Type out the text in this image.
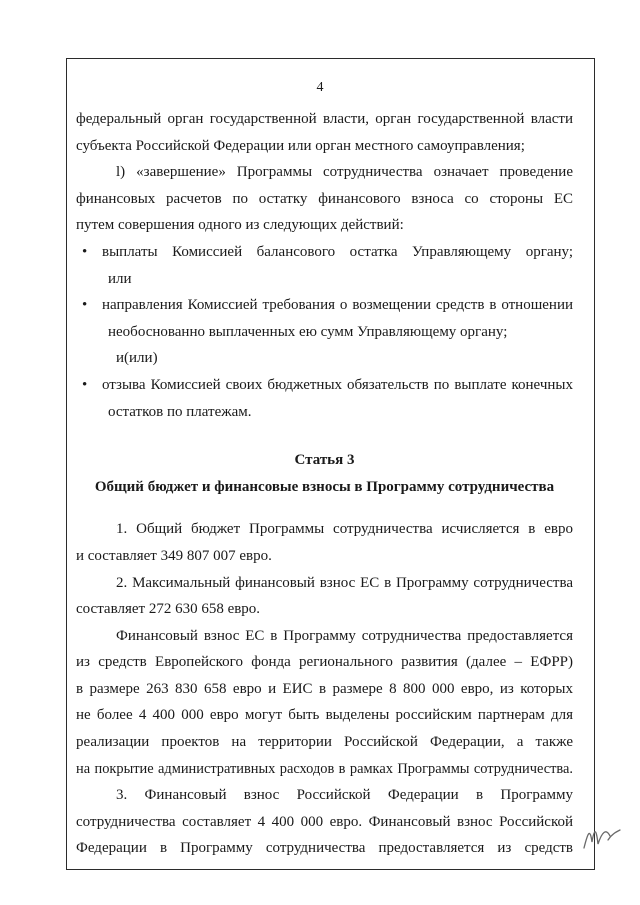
4

федеральный орган государственной власти, орган государственной власти

субъекта Российской Федерации или орган местного самоуправления;

l) «завершение» Программы сотрудничества означает проведение

финансовых расчетов по остатку финансового взноса со стороны ЕС

путем совершения одного из следующих действий:

• выплаты Комиссией балансового остатка Управляющему органу;

или

• направления Комиссией требования о возмещении средств в отношении

необоснованно выплаченных ею сумм Управляющему органу;

и(или)

• отзыва Комиссией своих бюджетных обязательств по выплате конечных

остатков по платежам.

Статья 3

Общий бюджет и финансовые взносы в Программу сотрудничества

1. Общий бюджет Программы сотрудничества исчисляется в евро

и составляет 349 807 007 евро.

2. Максимальный финансовый взнос ЕС в Программу сотрудничества

составляет 272 630 658 евро.

Финансовый взнос ЕС в Программу сотрудничества предоставляется

из средств Европейского фонда регионального развития (далее – ЕФРР)

в размере 263 830 658 евро и ЕИС в размере 8 800 000 евро, из которых

не более 4 400 000 евро могут быть выделены российским партнерам для

реализации проектов на территории Российской Федерации, а также

на покрытие административных расходов в рамках Программы сотрудничества.

3. Финансовый взнос Российской Федерации в Программу

сотрудничества составляет 4 400 000 евро. Финансовый взнос Российской

Федерации в Программу сотрудничества предоставляется из средств
